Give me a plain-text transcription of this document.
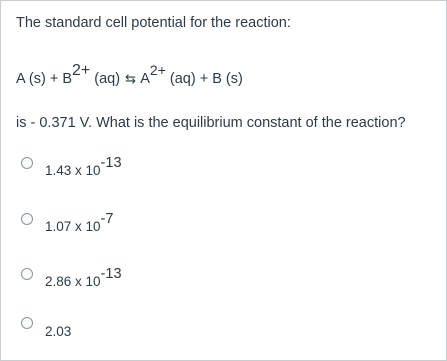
The standard cell potential for the reaction:
A (s) + B2+ (aq) ⇆ A2+ (aq) + B (s)
is - 0.371 V. What is the equilibrium constant of the reaction?
1.43 x 10-13
1.07 x 10-7
2.86 x 10-13
2.03
